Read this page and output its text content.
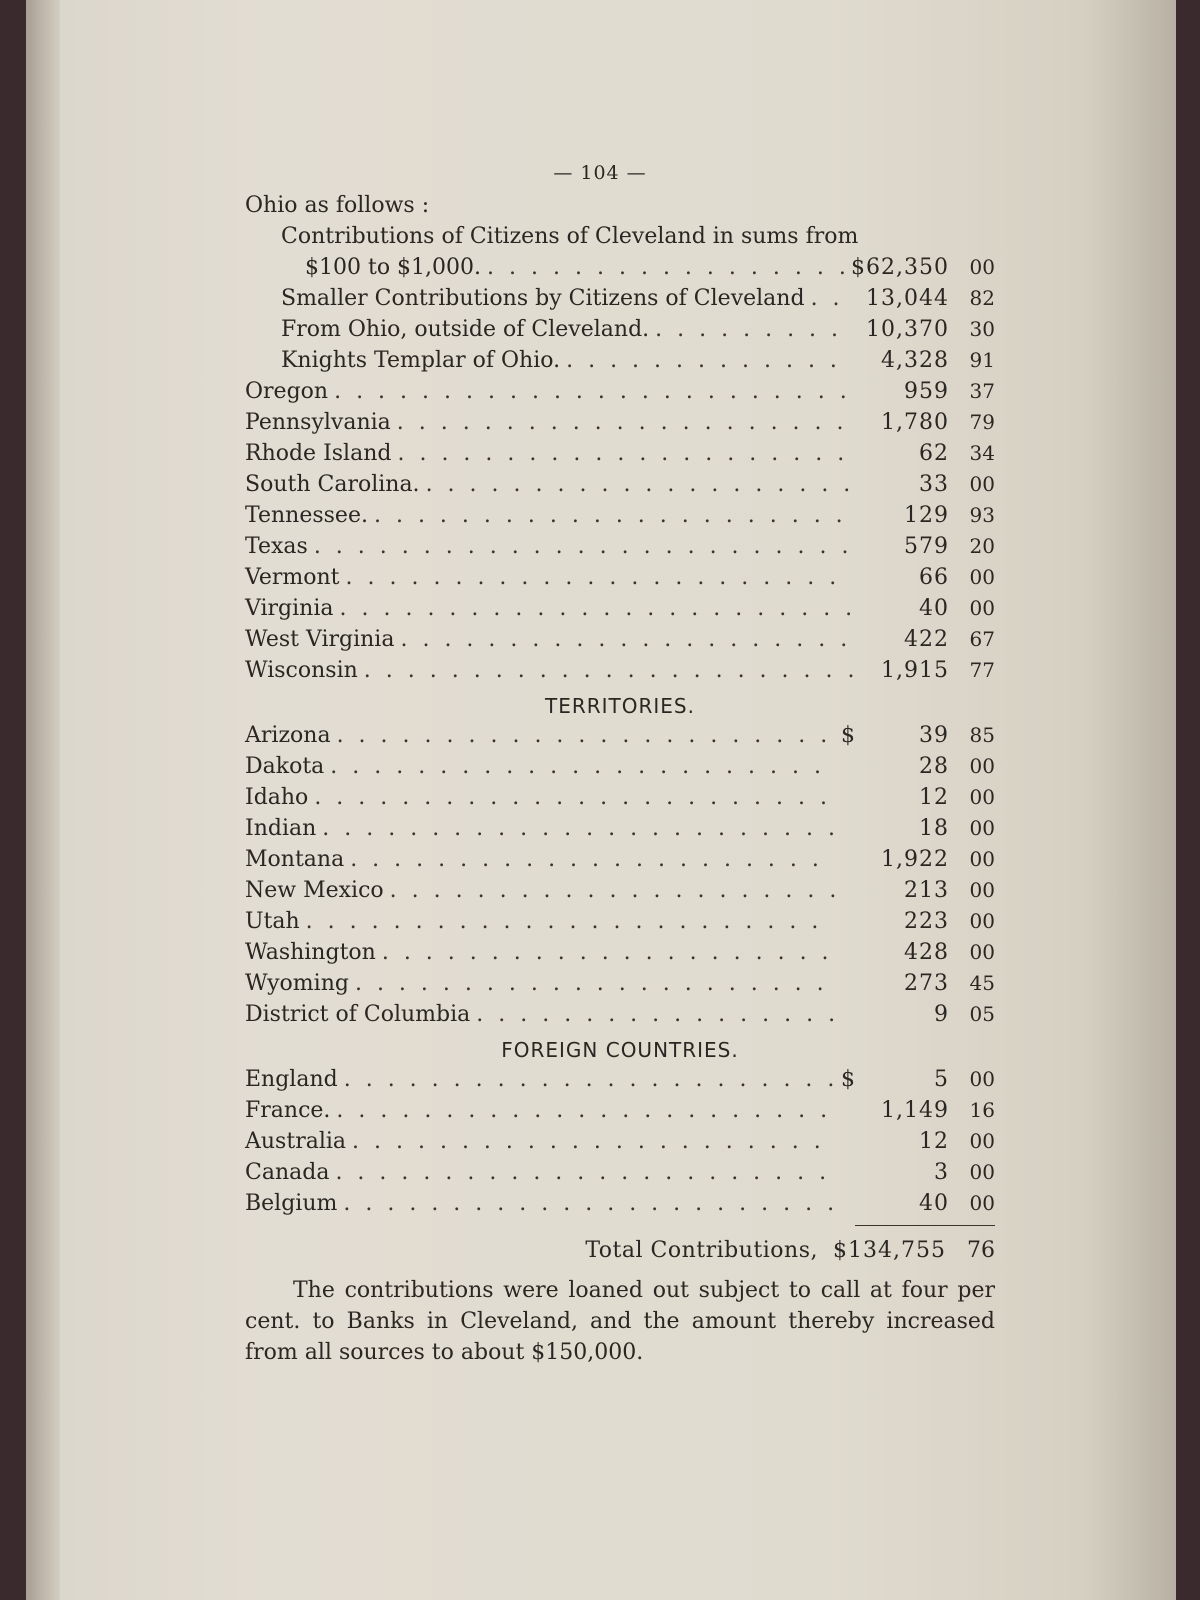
— 104 —
Ohio as follows :
Contributions of Citizens of Cleveland in sums from
$100 to $1,000. . . .	$62,350	00
Smaller Contributions by Citizens of Cleveland . . .	13,044	82
From Ohio, outside of Cleveland. . . .	10,370	30
Knights Templar of Ohio. . . .	4,328	91
Oregon . . .	959	37
Pennsylvania . . .	1,780	79
Rhode Island . . .	62	34
South Carolina. . . .	33	00
Tennessee. . . .	129	93
Texas . . .	579	20
Vermont . . .	66	00
Virginia . . .	40	00
West Virginia . . .	422	67
Wisconsin . . .	1,915	77
TERRITORIES.
Arizona . . .	$	39	85
Dakota . . .	28	00
Idaho . . .	12	00
Indian . . .	18	00
Montana . . .	1,922	00
New Mexico . . .	213	00
Utah . . .	223	00
Washington . . .	428	00
Wyoming . . .	273	45
District of Columbia . . .	9	05
FOREIGN COUNTRIES.
England . . .	$	5	00
France. . . .	1,149	16
Australia . . .	12	00
Canada . . .	3	00
Belgium . . .	40	00
Total Contributions, $134,755 76
The contributions were loaned out subject to call at four per cent. to Banks in Cleveland, and the amount thereby increased from all sources to about $150,000.
